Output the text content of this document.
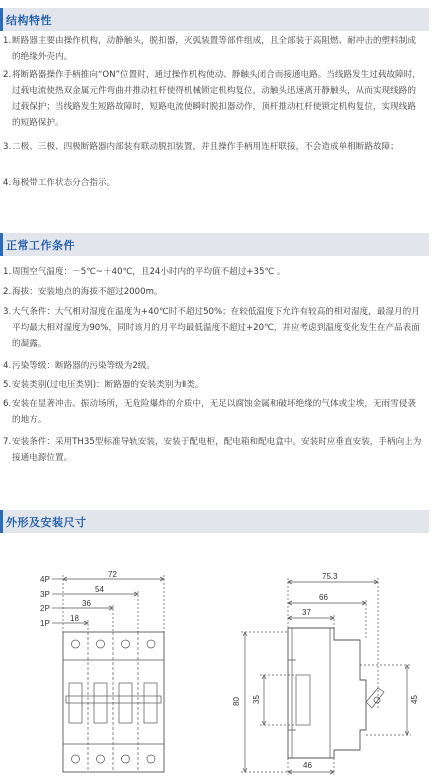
结构特性
1. 断路器主要由操作机构，动静触头，脱扣器，灭弧装置等部件组成，且全部装于高阻燃、耐冲击的塑料制成的绝缘外壳内。
2. 将断路器操作手柄推向“ON”位置时，通过操作机构使动、静触头闭合而接通电路。当线路发生过载故障时，过载电流使热双金属元件弯曲并推动杠杆使得机械锁定机构复位，动触头迅速离开静触头，从而实现线路的过载保护；当线路发生短路故障时，短路电流使瞬时脱扣器动作，顶杆推动杠杆使锁定机构复位，实现线路的短路保护。
3. 二极、三极、四极断路器内部装有联动脱扣装置，并且操作手柄用连杆联接，不会造成单相断路故障；
4. 每极带工作状态分合指示。
正常工作条件
1. 周围空气温度：－5℃~＋40℃，且24小时内的平均值不超过+35℃ 。
2. 海拔：安装地点的海拔不超过2000m。
3. 大气条件：大气相对湿度在温度为+40℃时不超过50%；在较低温度下允许有较高的相对湿度，最湿月的月平均最大相对湿度为90%，同时该月的月平均最低温度不超过+20℃，并应考虑到温度变化发生在产品表面的凝露。
4. 污染等级：断路器的污染等级为2级。
5. 安装类别(过电压类别)：断路器的安装类别为Ⅱ类。
6. 安装在显著冲击、振动场所，无危险爆炸的介质中，无足以腐蚀金属和破坏绝缘的气体或尘埃，无雨雪侵袭的地方。
7. 安装条件：采用TH35型标准导轨安装，安装于配电柜，配电箱和配电盒中。安装时应垂直安装，手柄向上为接通电源位置。
外形及安装尺寸
4P
3P
2P
1P
72
54
36
18
75.3
66
37
80 35	45
46
